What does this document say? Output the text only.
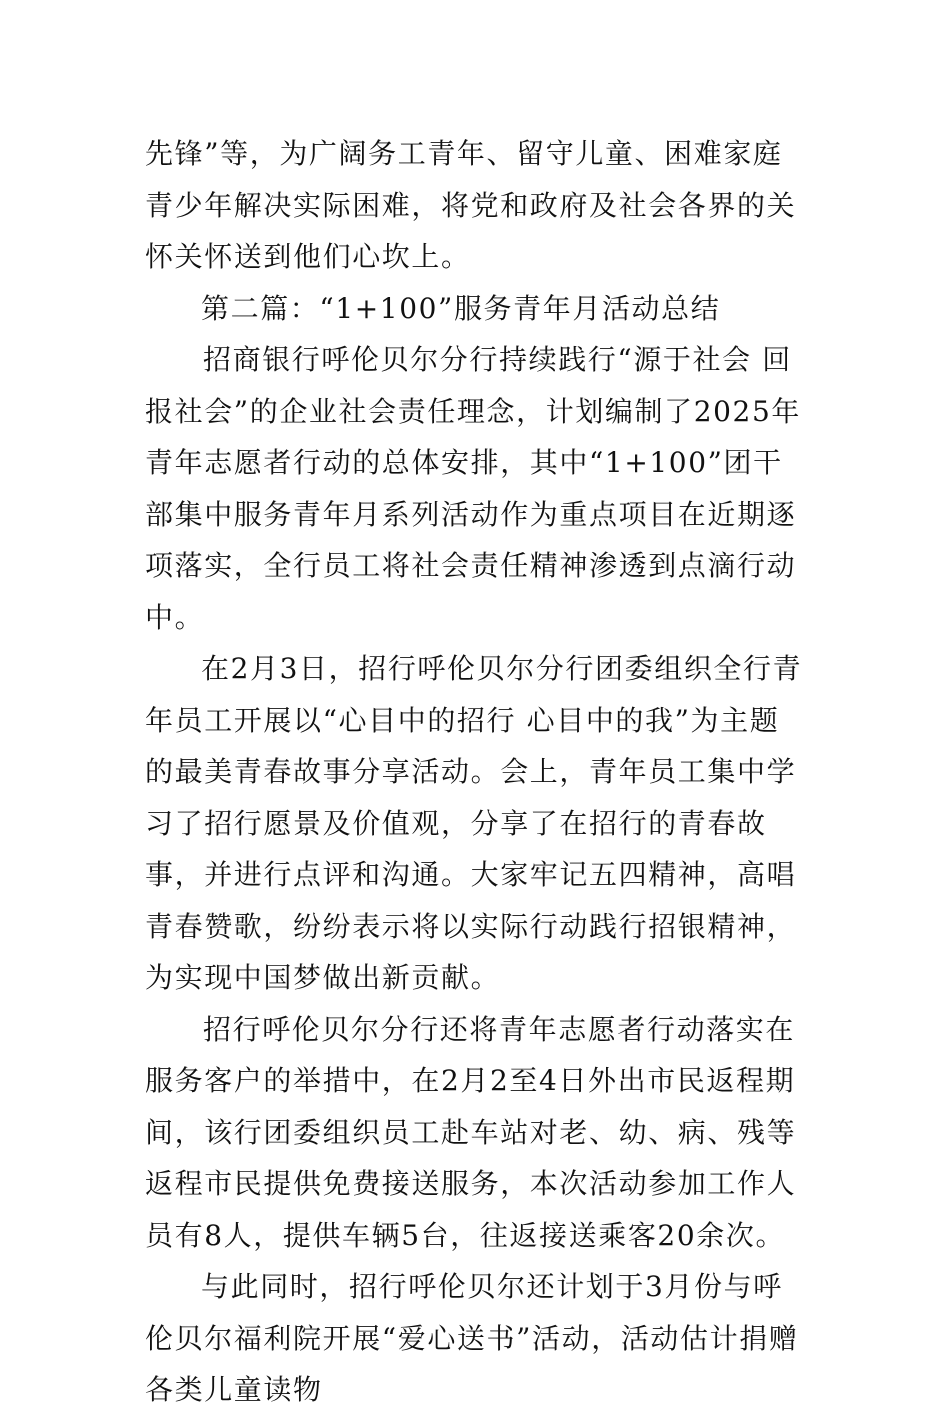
先锋”等，为广阔务工青年、留守儿童、困难家庭青少年解决实际困难，将党和政府及社会各界的关怀关怀送到他们心坎上。

第二篇：“1+100”服务青年月活动总结

招商银行呼伦贝尔分行持续践行“源于社会 回报社会”的企业社会责任理念，计划编制了2025年青年志愿者行动的总体安排，其中“1+100”团干部集中服务青年月系列活动作为重点项目在近期逐项落实，全行员工将社会责任精神渗透到点滴行动中。

在2月3日，招行呼伦贝尔分行团委组织全行青年员工开展以“心目中的招行 心目中的我”为主题的最美青春故事分享活动。会上，青年员工集中学习了招行愿景及价值观，分享了在招行的青春故事，并进行点评和沟通。大家牢记五四精神，高唱青春赞歌，纷纷表示将以实际行动践行招银精神，为实现中国梦做出新贡献。

招行呼伦贝尔分行还将青年志愿者行动落实在服务客户的举措中，在2月2至4日外出市民返程期间，该行团委组织员工赴车站对老、幼、病、残等返程市民提供免费接送服务，本次活动参加工作人员有8人，提供车辆5台，往返接送乘客20余次。

与此同时，招行呼伦贝尔还计划于3月份与呼伦贝尔福利院开展“爱心送书”活动，活动估计捐赠各类儿童读物
